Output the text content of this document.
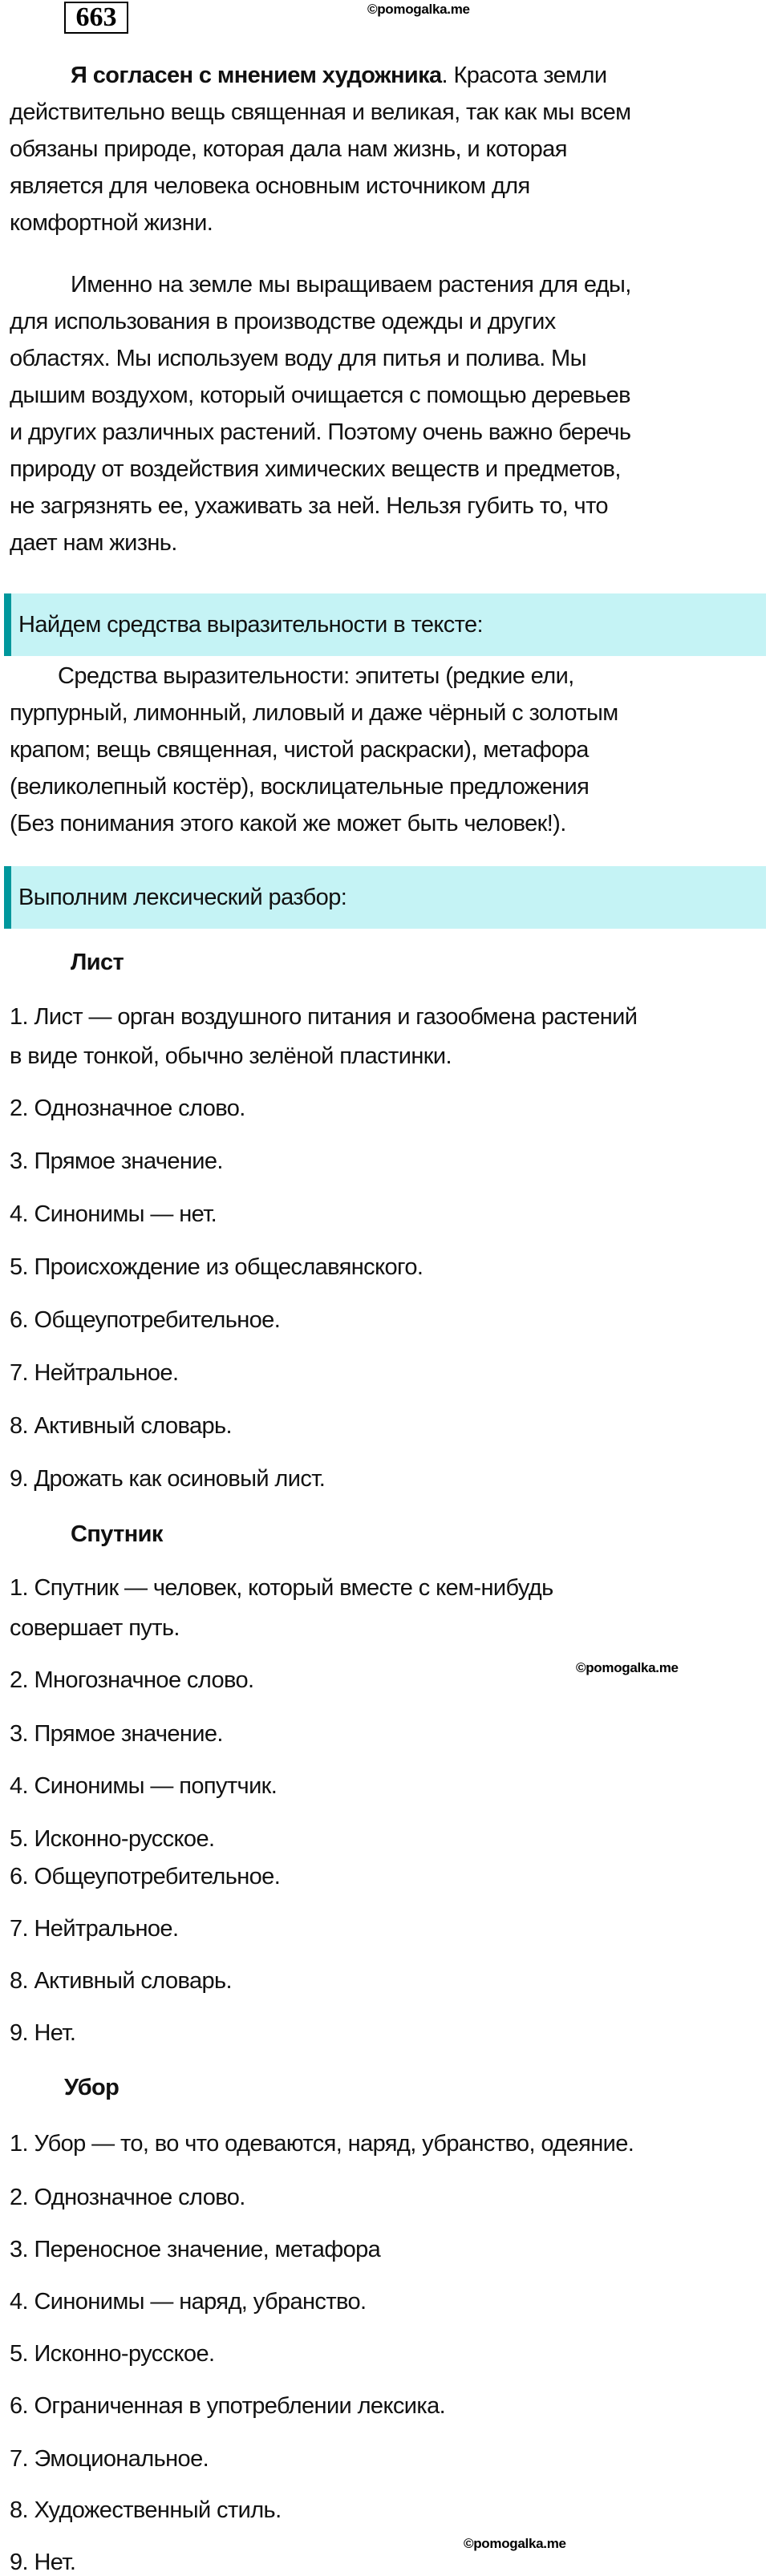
663	©pomogalka.me
Я согласен с мнением художника. Красота земли
действительно вещь священная и великая, так как мы всем
обязаны природе, которая дала нам жизнь, и которая
является для человека основным источником для
комфортной жизни.
Именно на земле мы выращиваем растения для еды,
для использования в производстве одежды и других
областях. Мы используем воду для питья и полива. Мы
дышим воздухом, который очищается с помощью деревьев
и других различных растений. Поэтому очень важно беречь
природу от воздействия химических веществ и предметов,
не загрязнять ее, ухаживать за ней. Нельзя губить то, что
дает нам жизнь.
Найдем средства выразительности в тексте:
Средства выразительности: эпитеты (редкие ели,
пурпурный, лимонный, лиловый и даже чёрный с золотым
крапом; вещь священная, чистой раскраски), метафора
(великолепный костёр), восклицательные предложения
(Без понимания этого какой же может быть человек!).
Выполним лексический разбор:
Лист
1. Лист — орган воздушного питания и газообмена растений
в виде тонкой, обычно зелёной пластинки.
2. Однозначное слово.
3. Прямое значение.
4. Синонимы — нет.
5. Происхождение из общеславянского.
6. Общеупотребительное.
7. Нейтральное.
8. Активный словарь.
9. Дрожать как осиновый лист.
Спутник
1. Спутник — человек, который вместе с кем-нибудь
совершает путь.
©pomogalka.me
2. Многозначное слово.
3. Прямое значение.
4. Синонимы — попутчик.
5. Исконно-русское.
6. Общеупотребительное.
7. Нейтральное.
8. Активный словарь.
9. Нет.
Убор
1. Убор — то, во что одеваются, наряд, убранство, одеяние.
2. Однозначное слово.
3. Переносное значение, метафора
4. Синонимы — наряд, убранство.
5. Исконно-русское.
6. Ограниченная в употреблении лексика.
7. Эмоциональное.
8. Художественный стиль.
©pomogalka.me
9. Нет.
